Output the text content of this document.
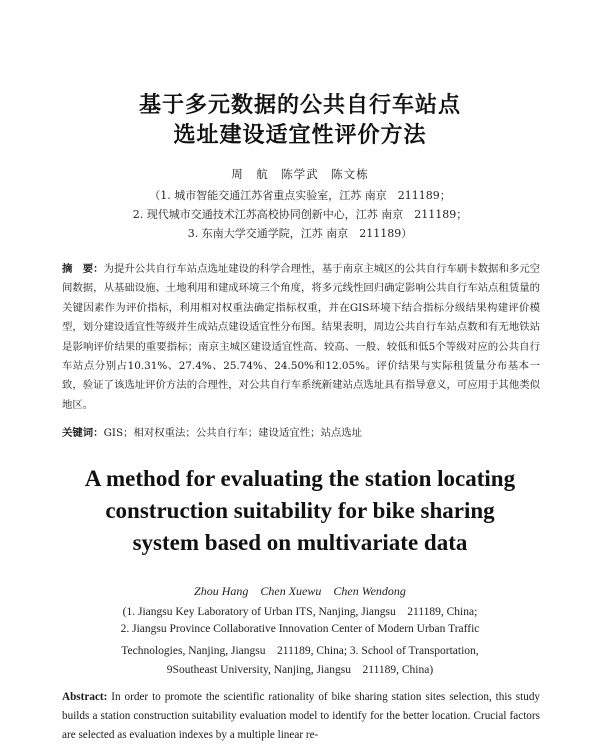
基于多元数据的公共自行车站点
选址建设适宜性评价方法
周　航　陈学武　陈文栋
（1. 城市智能交通江苏省重点实验室，江苏 南京　211189；
2. 现代城市交通技术江苏高校协同创新中心，江苏 南京　211189；
3. 东南大学交通学院，江苏 南京　211189）

摘　要：为提升公共自行车站点选址建设的科学合理性，基于南京主城区的公共自行车刷卡数据和多元空间数据，从基础设施、土地利用和建成环境三个角度，将多元线性回归确定影响公共自行车站点租赁量的关键因素作为评价指标，利用相对权重法确定指标权重，并在GIS环境下结合指标分级结果构建评价模型，划分建设适宜性等级并生成站点建设适宜性分布图。结果表明，周边公共自行车站点数和有无地铁站是影响评价结果的重要指标；南京主城区建设适宜性高、较高、一般、较低和低5个等级对应的公共自行车站点分别占10.31%、27.4%、25.74%、24.50%和12.05%。评价结果与实际租赁量分布基本一致，验证了该选址评价方法的合理性，对公共自行车系统新建站点选址具有指导意义，可应用于其他类似地区。

关键词：GIS；相对权重法；公共自行车；建设适宜性；站点选址
A method for evaluating the station locating
construction suitability for bike sharing
system based on multivariate data
Zhou Hang　Chen Xuewu　Chen Wendong
(1. Jiangsu Key Laboratory of Urban ITS, Nanjing, Jiangsu　211189, China;
2. Jiangsu Province Collaborative Innovation Center of Modern Urban Traffic
Technologies, Nanjing, Jiangsu　211189, China; 3. School of Transportation,
9Southeast University, Nanjing, Jiangsu　211189, China)

Abstract: In order to promote the scientific rationality of bike sharing station sites selection, this study builds a station construction suitability evaluation model to identify for the better location. Crucial factors are selected as evaluation indexes by a multiple linear re-
